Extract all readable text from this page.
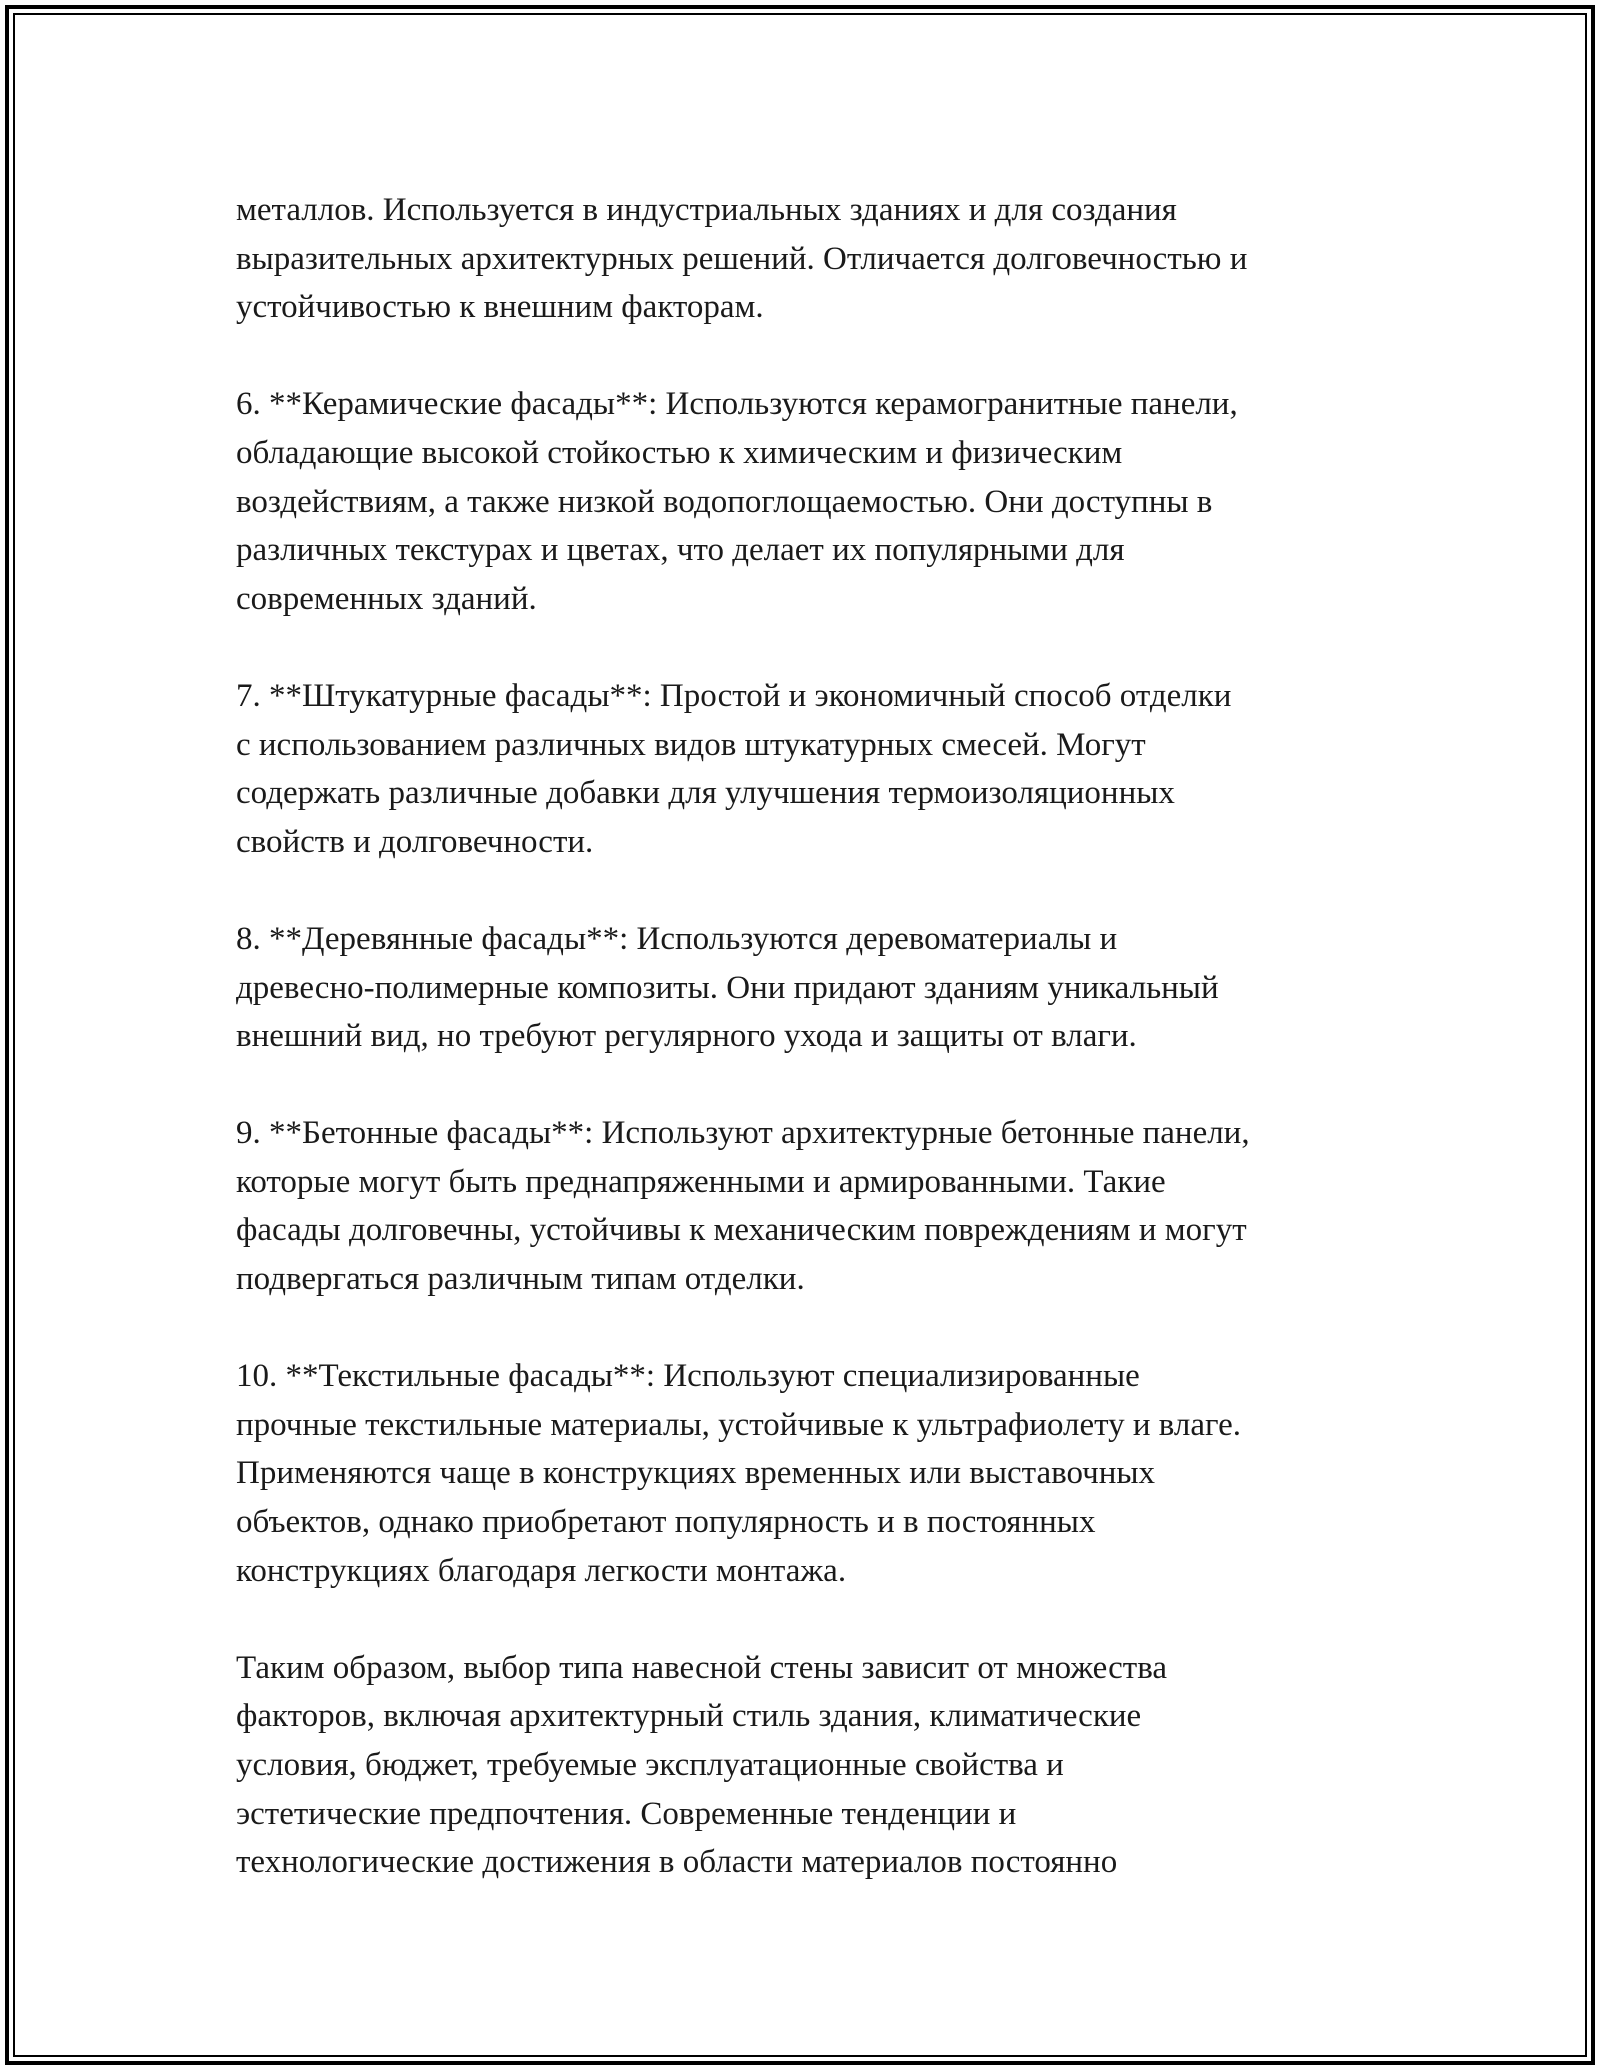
металлов. Используется в индустриальных зданиях и для создания
выразительных архитектурных решений. Отличается долговечностью и
устойчивостью к внешним факторам.

6. **Керамические фасады**: Используются керамогранитные панели,
обладающие высокой стойкостью к химическим и физическим
воздействиям, а также низкой водопоглощаемостью. Они доступны в
различных текстурах и цветах, что делает их популярными для
современных зданий.

7. **Штукатурные фасады**: Простой и экономичный способ отделки
с использованием различных видов штукатурных смесей. Могут
содержать различные добавки для улучшения термоизоляционных
свойств и долговечности.

8. **Деревянные фасады**: Используются деревоматериалы и
древесно-полимерные композиты. Они придают зданиям уникальный
внешний вид, но требуют регулярного ухода и защиты от влаги.

9. **Бетонные фасады**: Используют архитектурные бетонные панели,
которые могут быть преднапряженными и армированными. Такие
фасады долговечны, устойчивы к механическим повреждениям и могут
подвергаться различным типам отделки.

10. **Текстильные фасады**: Используют специализированные
прочные текстильные материалы, устойчивые к ультрафиолету и влаге.
Применяются чаще в конструкциях временных или выставочных
объектов, однако приобретают популярность и в постоянных
конструкциях благодаря легкости монтажа.

Таким образом, выбор типа навесной стены зависит от множества
факторов, включая архитектурный стиль здания, климатические
условия, бюджет, требуемые эксплуатационные свойства и
эстетические предпочтения. Современные тенденции и
технологические достижения в области материалов постоянно
